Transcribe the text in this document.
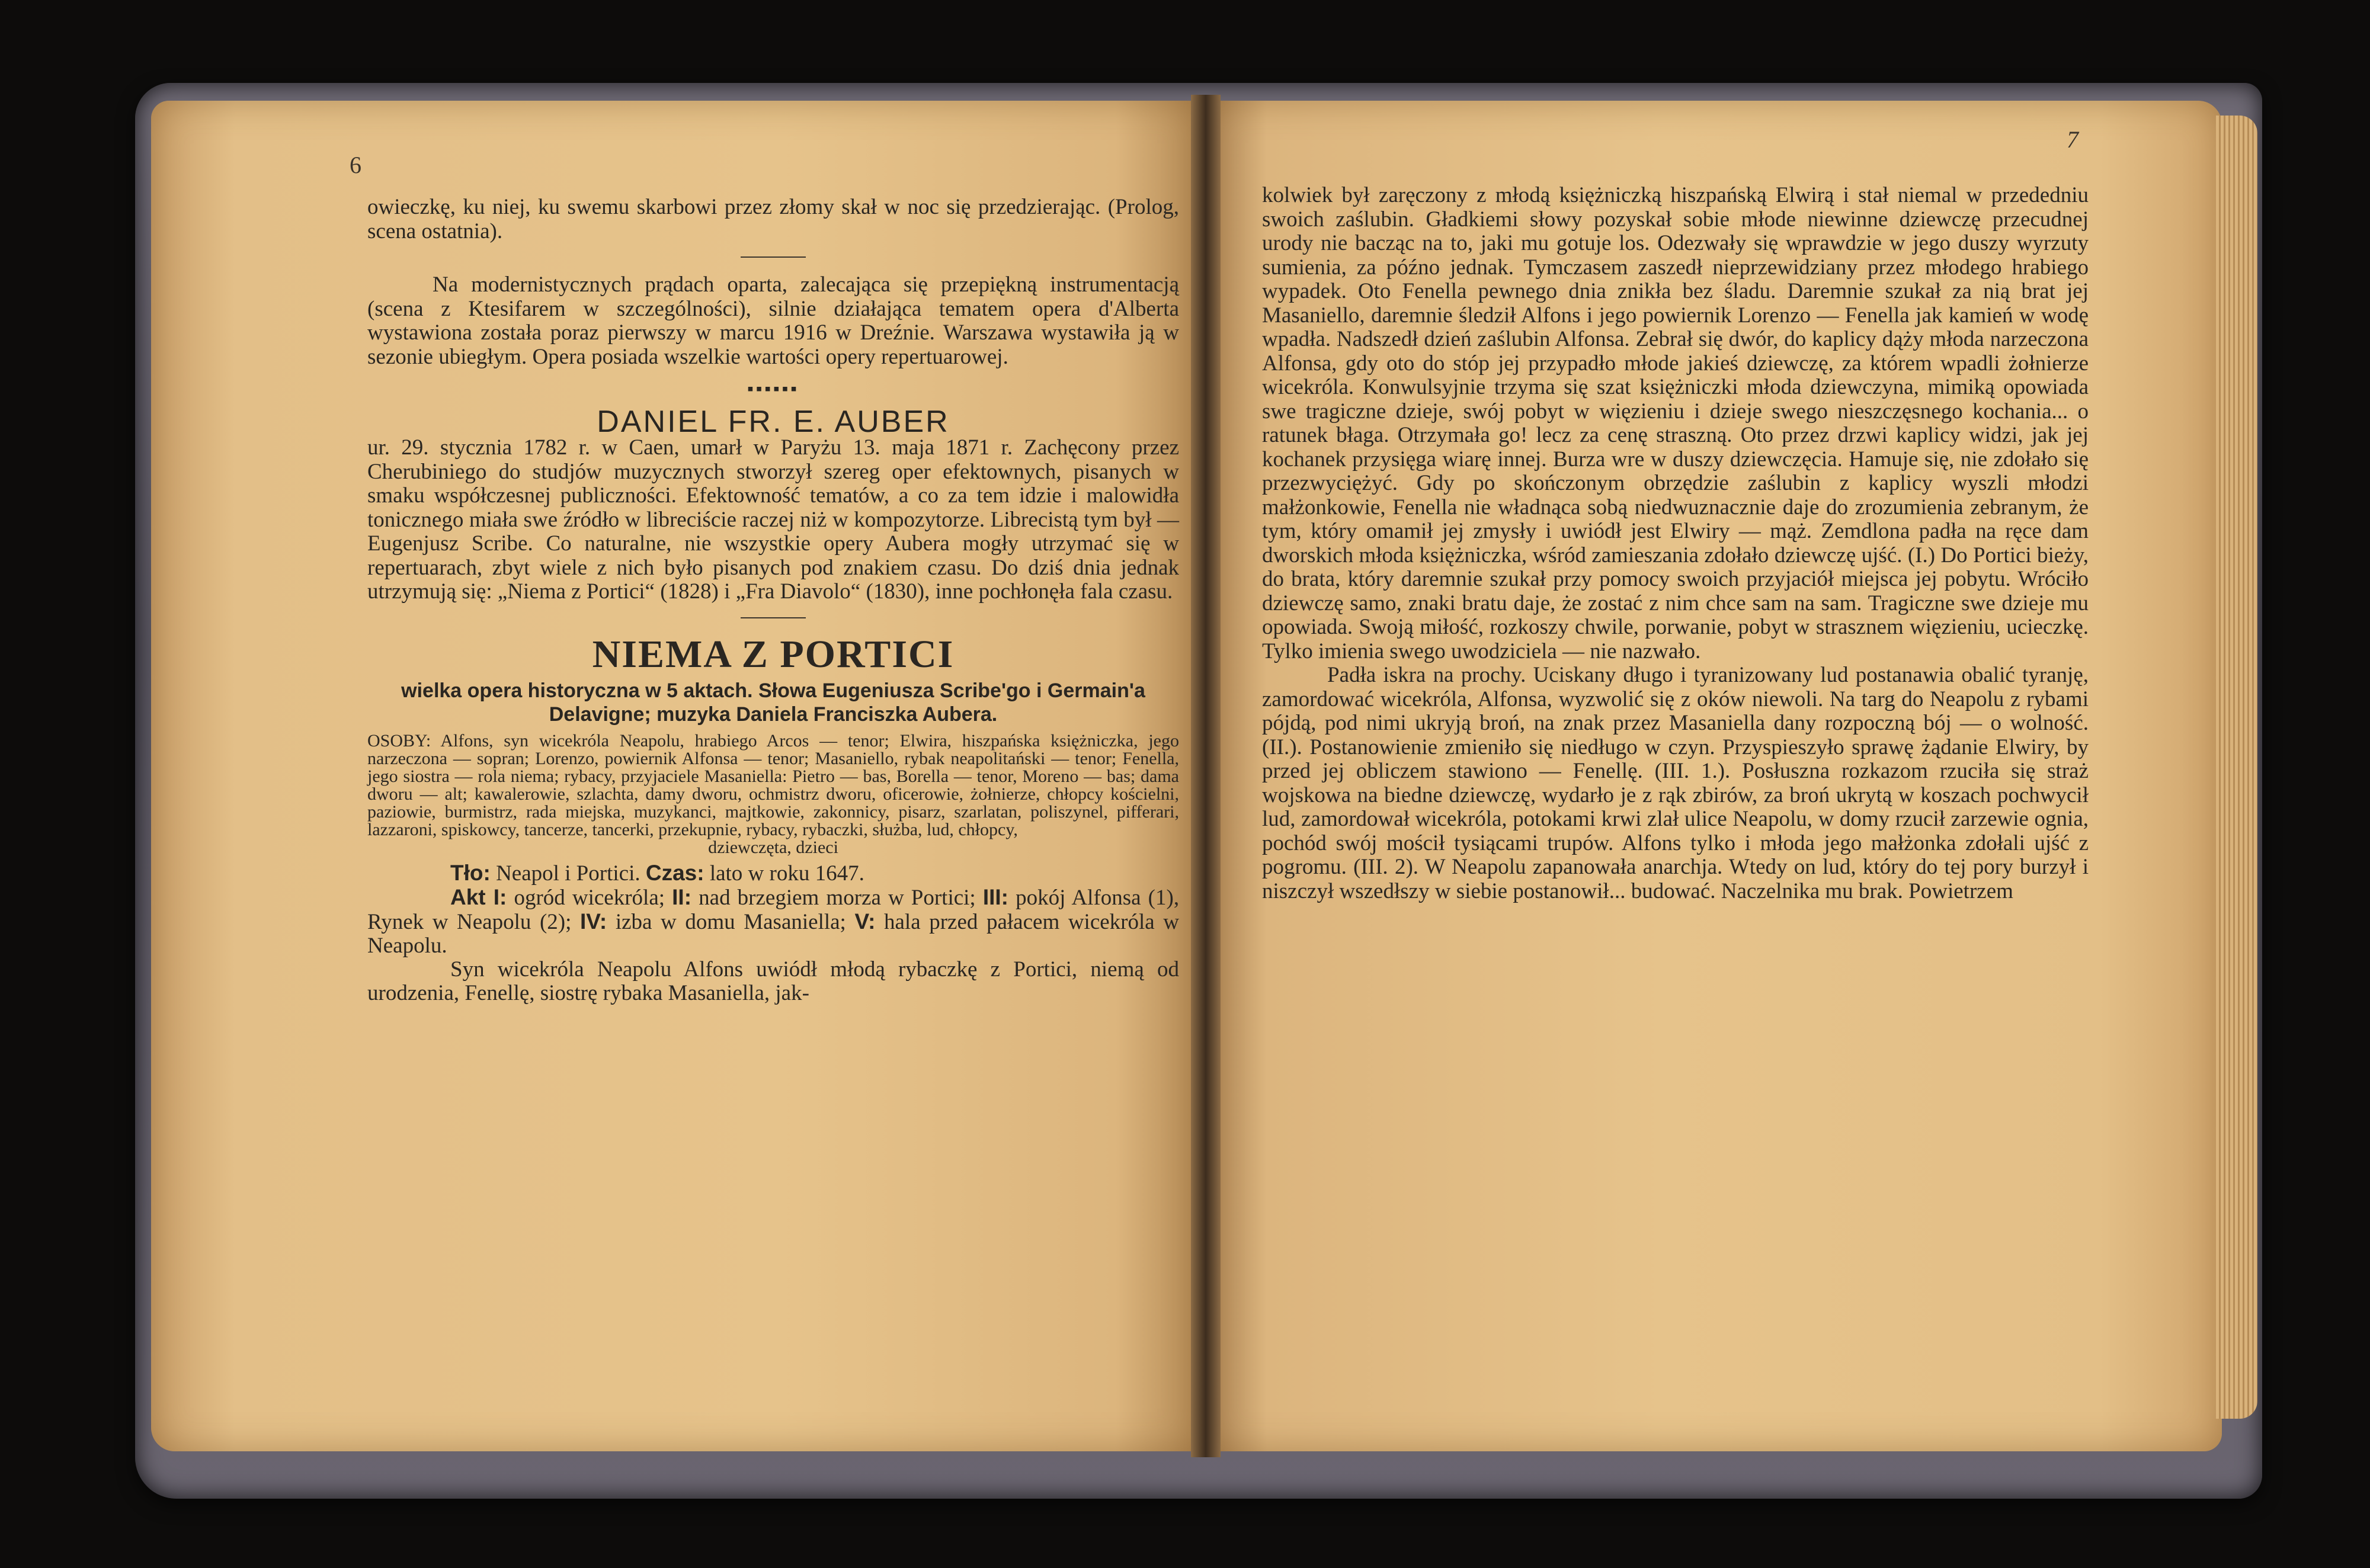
6
7

owieczkę, ku niej, ku swemu skarbowi przez złomy skał w noc się przedzierając. (Prolog, scena ostatnia).

Na modernistycznych prądach oparta, zalecająca się przepiękną instrumentacją (scena z Ktesifarem w szczególności), silnie działająca tematem opera d'Alberta wystawiona została poraz pierwszy w marcu 1916 w Dreźnie. Warszawa wystawiła ją w sezonie ubiegłym. Opera posiada wszelkie wartości opery repertuarowej.

▪▪▪▪▪▪
DANIEL FR. E. AUBER

ur. 29. stycznia 1782 r. w Caen, umarł w Paryżu 13. maja 1871 r. Zachęcony przez Cherubiniego do studjów muzycznych stworzył szereg oper efektownych, pisanych w smaku współczesnej publiczności. Efektowność tematów, a co za tem idzie i malowidła tonicznego miała swe źródło w libreciście raczej niż w kompozytorze. Librecistą tym był — Eugenjusz Scribe. Co naturalne, nie wszystkie opery Aubera mogły utrzymać się w repertuarach, zbyt wiele z nich było pisanych pod znakiem czasu. Do dziś dnia jednak utrzymują się: „Niema z Portici“ (1828) i „Fra Diavolo“ (1830), inne pochłonęła fala czasu.

NIEMA Z PORTICI
wielka opera historyczna w 5 aktach. Słowa Eugeniusza Scribe'go i Germain'a Delavigne; muzyka Daniela Franciszka Aubera.

OSOBY: Alfons, syn wicekróla Neapolu, hrabiego Arcos — tenor; Elwira, hiszpańska księżniczka, jego narzeczona — sopran; Lorenzo, powiernik Alfonsa — tenor; Masaniello, rybak neapolitański — tenor; Fenella, jego siostra — rola niema; rybacy, przyjaciele Masaniella: Pietro — bas, Borella — tenor, Moreno — bas; dama dworu — alt; kawalerowie, szlachta, damy dworu, ochmistrz dworu, oficerowie, żołnierze, chłopcy kościelni, paziowie, burmistrz, rada miejska, muzykanci, majtkowie, zakonnicy, pisarz, szarlatan, poliszynel, pifferari, lazzaroni, spiskowcy, tancerze, tancerki, przekupnie, rybacy, rybaczki, służba, lud, chłopcy,

dziewczęta, dzieci

Tło: Neapol i Portici. Czas: lato w roku 1647.

Akt I: ogród wicekróla; II: nad brzegiem morza w Portici; III: pokój Alfonsa (1), Rynek w Neapolu (2); IV: izba w domu Masaniella; V: hala przed pałacem wicekróla w Neapolu.

Syn wicekróla Neapolu Alfons uwiódł młodą rybaczkę z Portici, niemą od urodzenia, Fenellę, siostrę rybaka Masaniella, jak-

kolwiek był zaręczony z młodą księżniczką hiszpańską Elwirą i stał niemal w przededniu swoich zaślubin. Gładkiemi słowy pozyskał sobie młode niewinne dziewczę przecudnej urody nie bacząc na to, jaki mu gotuje los. Odezwały się wprawdzie w jego duszy wyrzuty sumienia, za późno jednak. Tymczasem zaszedł nieprzewidziany przez młodego hrabiego wypadek. Oto Fenella pewnego dnia znikła bez śladu. Daremnie szukał za nią brat jej Masaniello, daremnie śledził Alfons i jego powiernik Lorenzo — Fenella jak kamień w wodę wpadła. Nadszedł dzień zaślubin Alfonsa. Zebrał się dwór, do kaplicy dąży młoda narzeczona Alfonsa, gdy oto do stóp jej przypadło młode jakieś dziewczę, za którem wpadli żołnierze wicekróla. Konwulsyjnie trzyma się szat księżniczki młoda dziewczyna, mimiką opowiada swe tragiczne dzieje, swój pobyt w więzieniu i dzieje swego nieszczęsnego kochania... o ratunek błaga. Otrzymała go! lecz za cenę straszną. Oto przez drzwi kaplicy widzi, jak jej kochanek przysięga wiarę innej. Burza wre w duszy dziewczęcia. Hamuje się, nie zdołało się przezwyciężyć. Gdy po skończonym obrzędzie zaślubin z kaplicy wyszli młodzi małżonkowie, Fenella nie władnąca sobą niedwuznacznie daje do zrozumienia zebranym, że tym, który omamił jej zmysły i uwiódł jest Elwiry — mąż. Zemdlona padła na ręce dam dworskich młoda księżniczka, wśród zamieszania zdołało dziewczę ujść. (I.) Do Portici bieży, do brata, który daremnie szukał przy pomocy swoich przyjaciół miejsca jej pobytu. Wróciło dziewczę samo, znaki bratu daje, że zostać z nim chce sam na sam. Tragiczne swe dzieje mu opowiada. Swoją miłość, rozkoszy chwile, porwanie, pobyt w strasznem więzieniu, ucieczkę. Tylko imienia swego uwodziciela — nie nazwało.

Padła iskra na prochy. Uciskany długo i tyranizowany lud postanawia obalić tyranję, zamordować wicekróla, Alfonsa, wyzwolić się z oków niewoli. Na targ do Neapolu z rybami pójdą, pod nimi ukryją broń, na znak przez Masaniella dany rozpoczną bój — o wolność. (II.). Postanowienie zmieniło się niedługo w czyn. Przyspieszyło sprawę żądanie Elwiry, by przed jej obliczem stawiono — Fenellę. (III. 1.). Posłuszna rozkazom rzuciła się straż wojskowa na biedne dziewczę, wydarło je z rąk zbirów, za broń ukrytą w koszach pochwycił lud, zamordował wicekróla, potokami krwi zlał ulice Neapolu, w domy rzucił zarzewie ognia, pochód swój mościł tysiącami trupów. Alfons tylko i młoda jego małżonka zdołali ujść z pogromu. (III. 2). W Neapolu zapanowała anarchja. Wtedy on lud, który do tej pory burzył i niszczył wszedłszy w siebie postanowił... budować. Naczelnika mu brak. Powietrzem
